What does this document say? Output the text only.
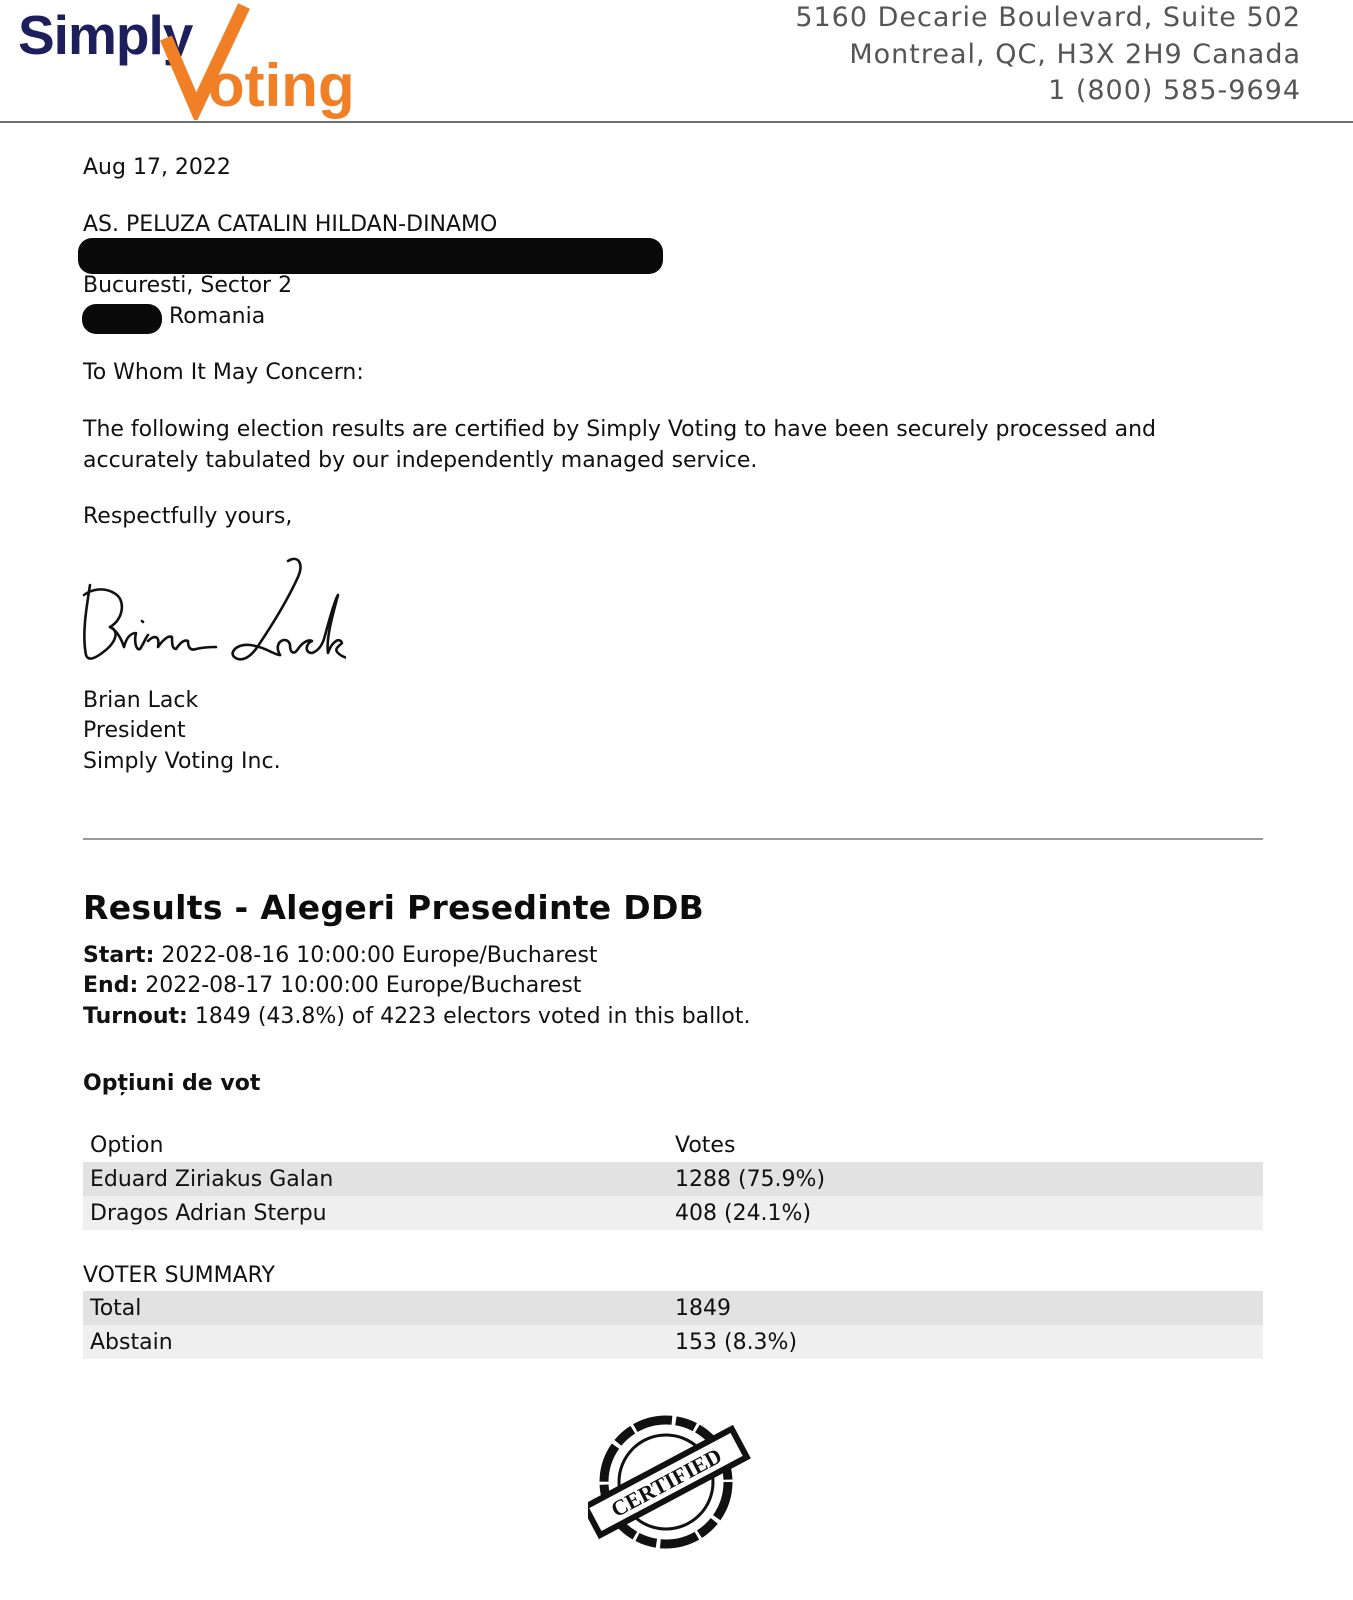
Simply
oting
5160 Decarie Boulevard, Suite 502
Montreal, QC, H3X 2H9 Canada
1 (800) 585-9694
Aug 17, 2022
AS. PELUZA CATALIN HILDAN-DINAMO
Bucuresti, Sector 2
Romania
To Whom It May Concern:
The following election results are certified by Simply Voting to have been securely processed and accurately tabulated by our independently managed service.
Respectfully yours,
Brian Lack
President
Simply Voting Inc.
Results - Alegeri Presedinte DDB
Start: 2022-08-16 10:00:00 Europe/Bucharest
End: 2022-08-17 10:00:00 Europe/Bucharest
Turnout: 1849 (43.8%) of 4223 electors voted in this ballot.
Opțiuni de vot
Option	Votes
Eduard Ziriakus Galan	1288 (75.9%)
Dragos Adrian Sterpu	408 (24.1%)
VOTER SUMMARY
Total	1849
Abstain	153 (8.3%)
CERTIFIED
